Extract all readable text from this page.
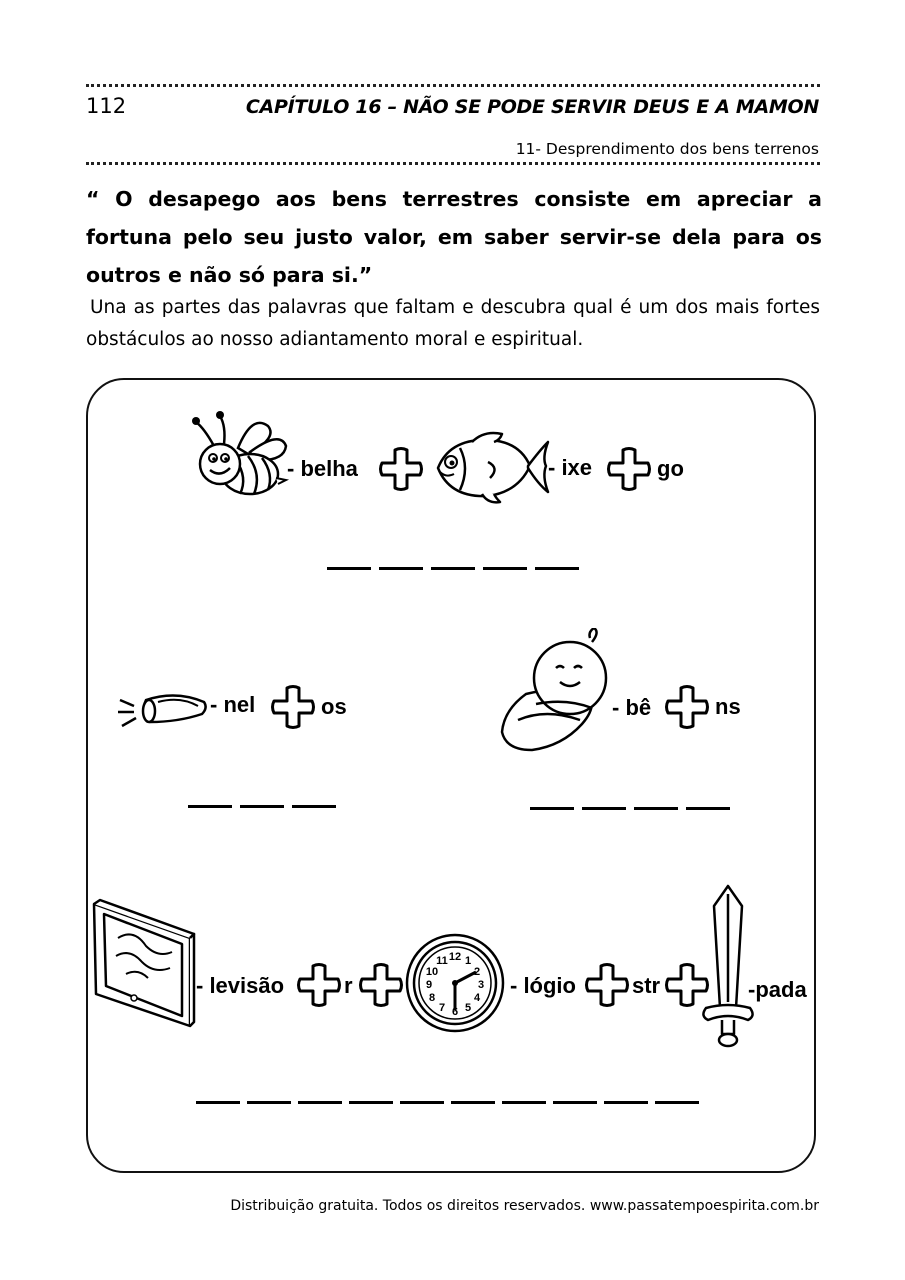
112	CAPÍTULO 16 – NÃO SE PODE SERVIR DEUS E A MAMON
11- Desprendimento dos bens terrenos

“ O desapego aos bens terrestres consiste em apreciar a fortuna pelo seu justo valor, em saber servir-se dela para os outros e não só para si.”

Una as partes das palavras que faltam e descubra qual é um dos mais fortes obstáculos ao nosso adiantamento moral e espiritual.

- belha	- ixe	go
- nel	os	- bê	ns
- levisão	r
12 1
2
3
4
5
6
7
8
9
10
11
- lógio	str	-pada
Distribuição gratuita. Todos os direitos reservados. www.passatempoespirita.com.br
